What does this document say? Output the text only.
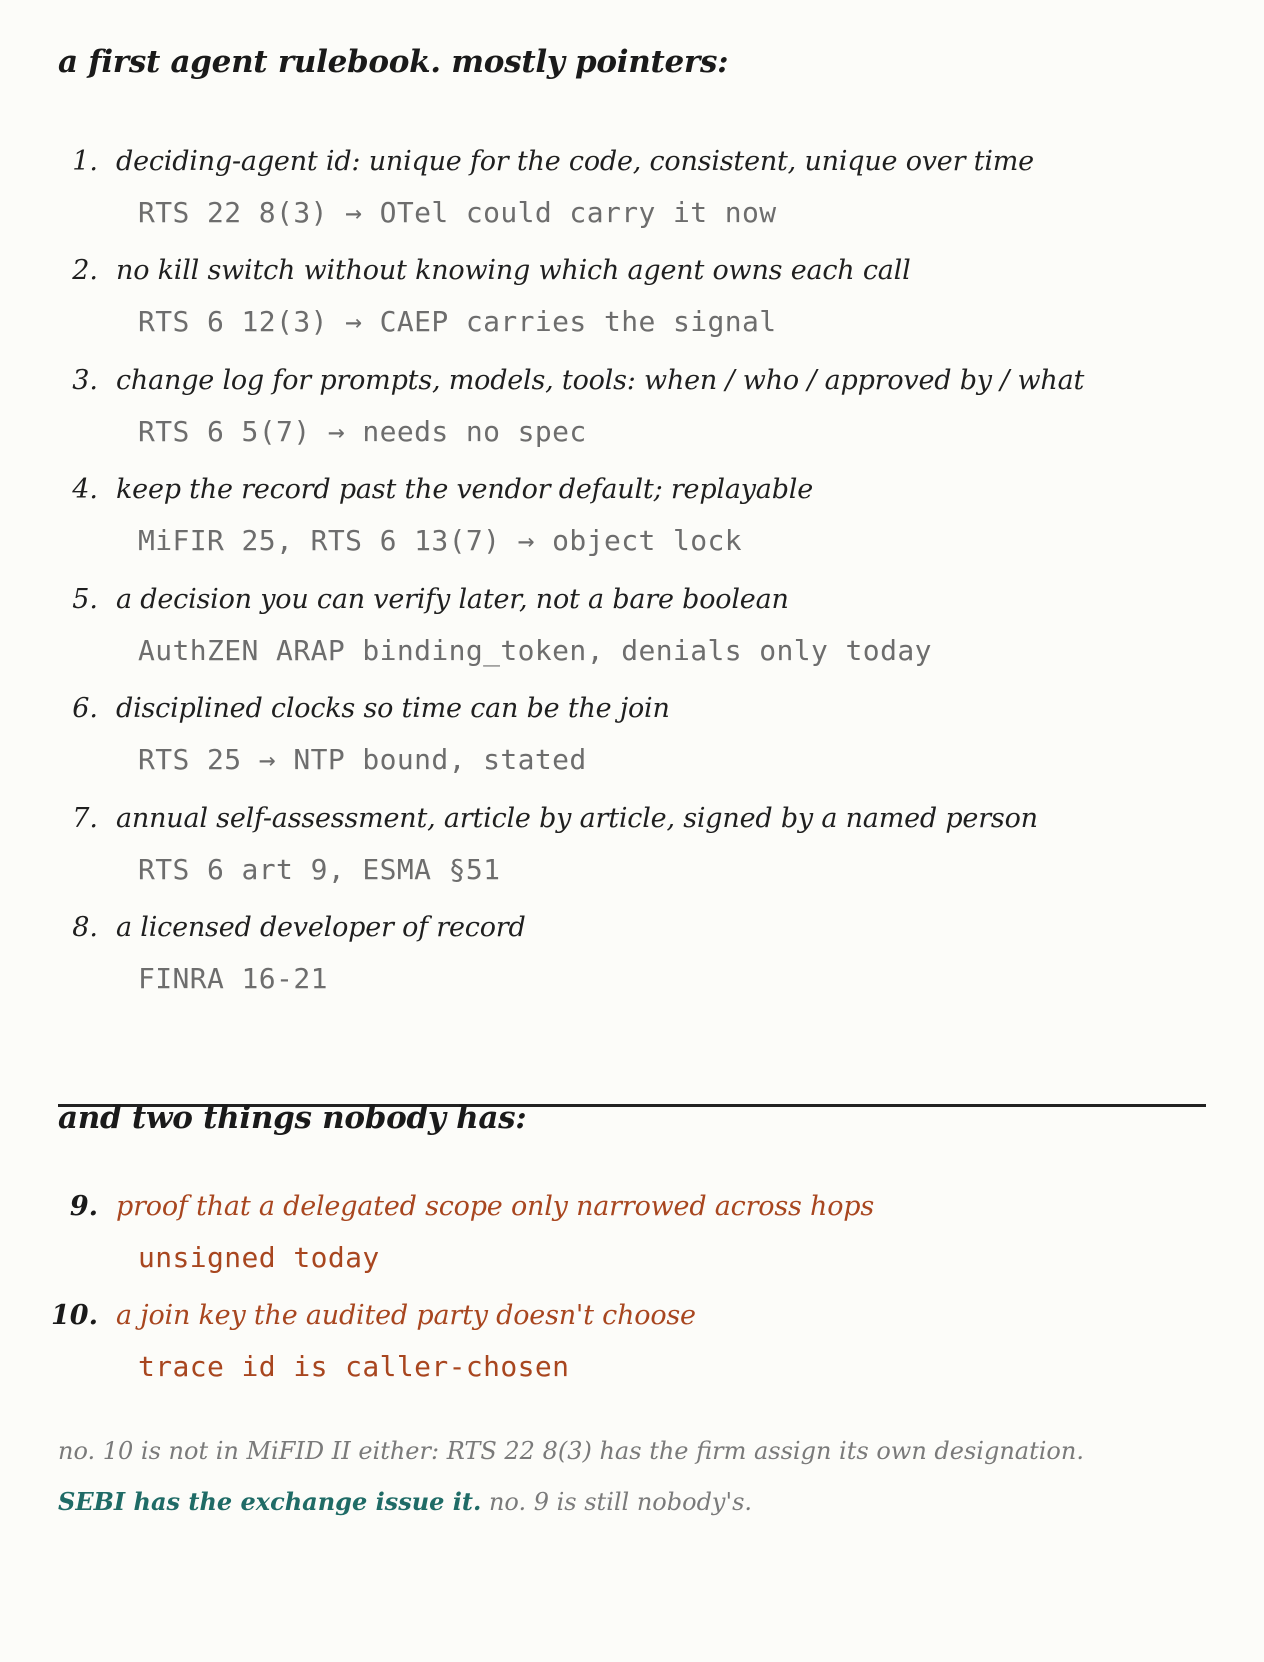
a first agent rulebook. mostly pointers:
1. deciding-agent id: unique for the code, consistent, unique over time
RTS 22 8(3) → OTel could carry it now
2. no kill switch without knowing which agent owns each call
RTS 6 12(3) → CAEP carries the signal
3. change log for prompts, models, tools: when / who / approved by / what
RTS 6 5(7) → needs no spec
4. keep the record past the vendor default; replayable
MiFIR 25, RTS 6 13(7) → object lock
5. a decision you can verify later, not a bare boolean
AuthZEN ARAP binding_token, denials only today
6. disciplined clocks so time can be the join
RTS 25 → NTP bound, stated
7. annual self-assessment, article by article, signed by a named person
RTS 6 art 9, ESMA §51
8. a licensed developer of record
FINRA 16-21
and two things nobody has:
9. proof that a delegated scope only narrowed across hops
unsigned today
10. a join key the audited party doesn't choose
trace id is caller-chosen
no. 10 is not in MiFID II either: RTS 22 8(3) has the firm assign its own designation.
SEBI has the exchange issue it. no. 9 is still nobody's.
